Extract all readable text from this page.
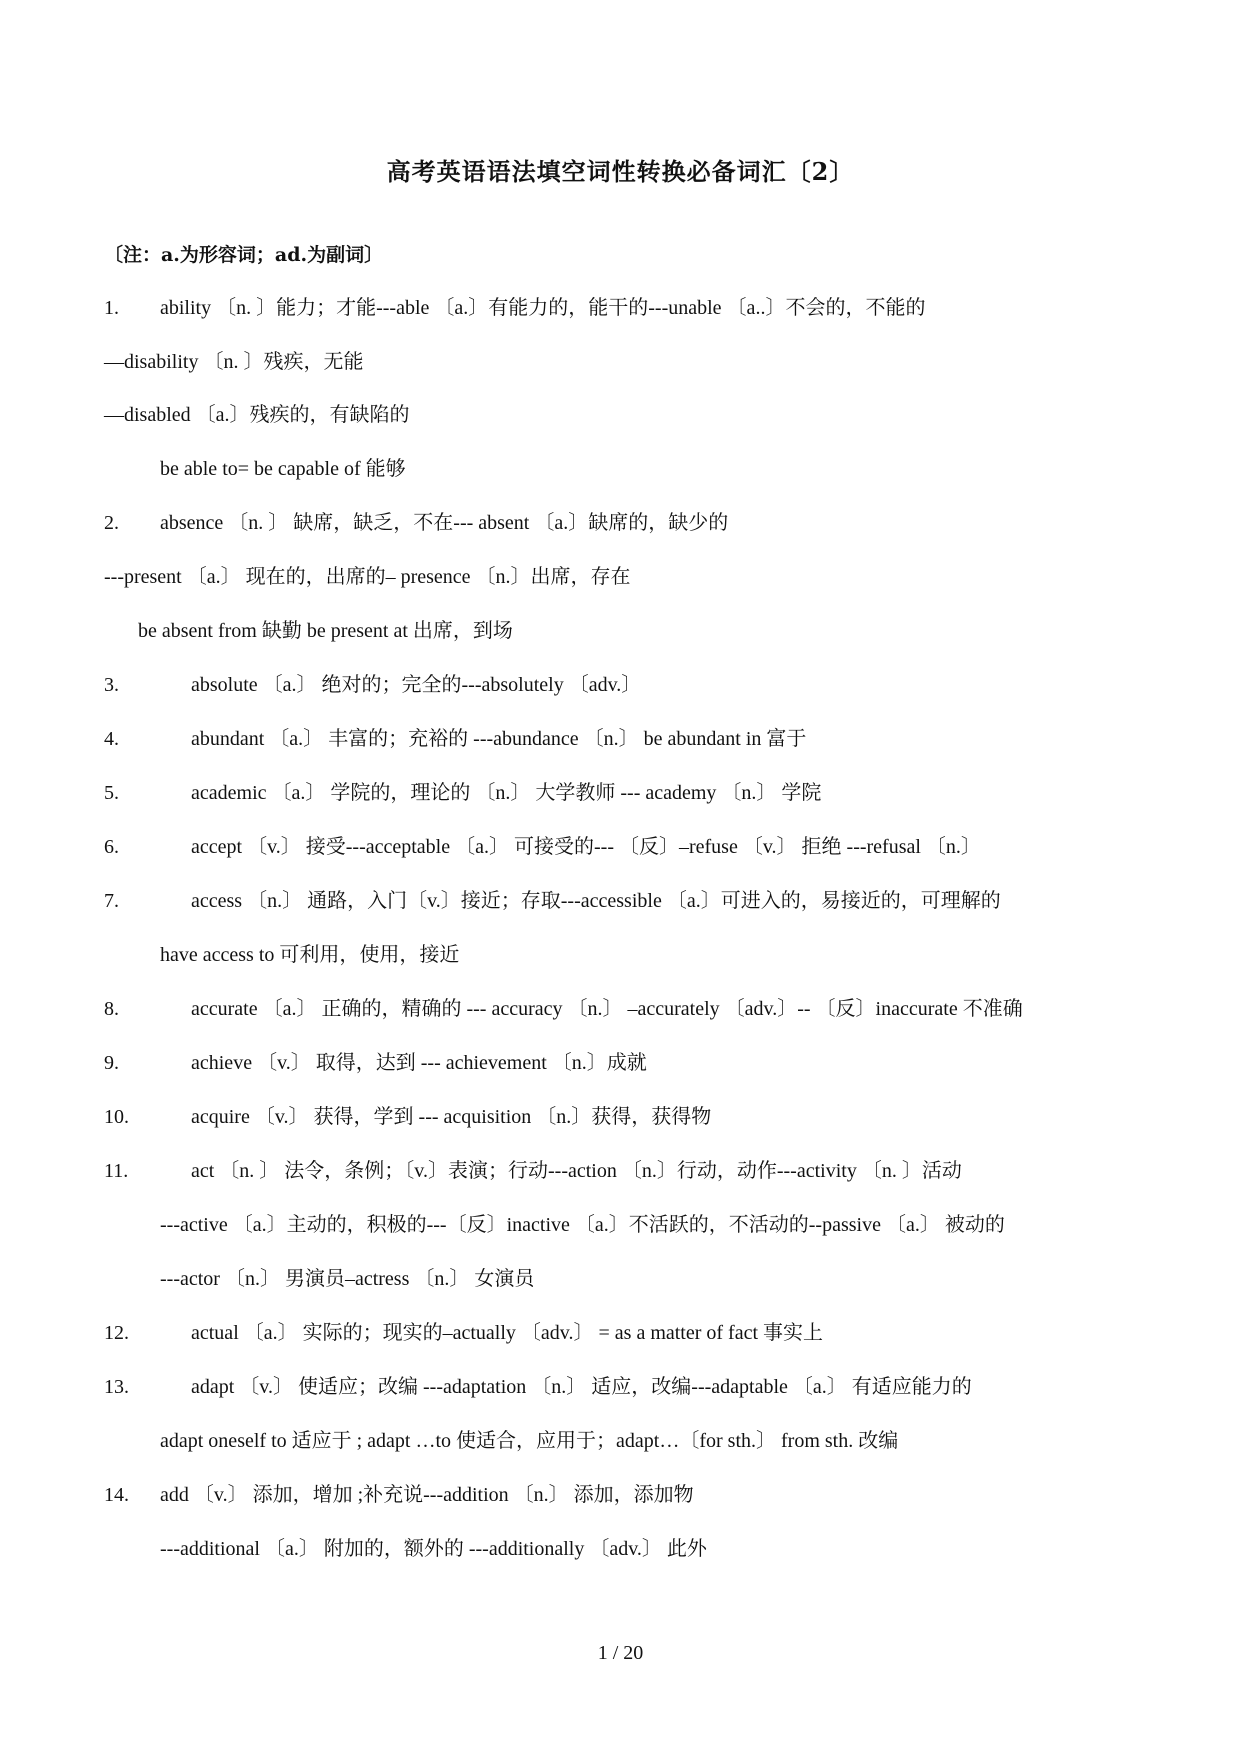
高考英语语法填空词性转换必备词汇〔2〕
〔注：a.为形容词；ad.为副词〕
1. ability 〔n. 〕能力；才能---able 〔a.〕有能力的，能干的---unable 〔a..〕不会的，不能的
—disability 〔n. 〕残疾，无能
—disabled 〔a.〕残疾的，有缺陷的
be able to= be capable of 能够
2. absence 〔n. 〕 缺席，缺乏，不在--- absent 〔a.〕缺席的，缺少的
---present 〔a.〕 现在的，出席的– presence 〔n.〕出席，存在
be absent from 缺勤 be present at 出席，到场
3.	absolute 〔a.〕 绝对的；完全的---absolutely 〔adv.〕
4.	abundant 〔a.〕 丰富的；充裕的 ---abundance 〔n.〕 be abundant in 富于
5.	academic 〔a.〕 学院的，理论的 〔n.〕 大学教师 --- academy 〔n.〕 学院
6.	accept 〔v.〕 接受---acceptable 〔a.〕 可接受的--- 〔反〕–refuse 〔v.〕 拒绝 ---refusal 〔n.〕
7.	access 〔n.〕 通路，入门〔v.〕接近；存取---accessible 〔a.〕可进入的，易接近的，可理解的
have access to 可利用，使用，接近
8.	accurate 〔a.〕 正确的，精确的 --- accuracy 〔n.〕 –accurately 〔adv.〕-- 〔反〕inaccurate 不准确
9.	achieve 〔v.〕 取得，达到 --- achievement 〔n.〕成就
10.	acquire 〔v.〕 获得，学到 --- acquisition 〔n.〕获得，获得物
11.	act 〔n. 〕 法令，条例；〔v.〕表演；行动---action 〔n.〕行动，动作---activity 〔n. 〕活动
---active 〔a.〕主动的，积极的---〔反〕inactive 〔a.〕不活跃的，不活动的--passive 〔a.〕 被动的
---actor 〔n.〕 男演员–actress 〔n.〕 女演员
12.	actual 〔a.〕 实际的；现实的–actually 〔adv.〕 = as a matter of fact 事实上
13.	adapt 〔v.〕 使适应；改编 ---adaptation 〔n.〕 适应，改编---adaptable 〔a.〕 有适应能力的
adapt oneself to 适应于 ; adapt …to 使适合，应用于；adapt…〔for sth.〕 from sth. 改编
14. add 〔v.〕 添加，增加 ;补充说---addition 〔n.〕 添加，添加物
---additional 〔a.〕 附加的，额外的 ---additionally 〔adv.〕 此外
1 / 20
